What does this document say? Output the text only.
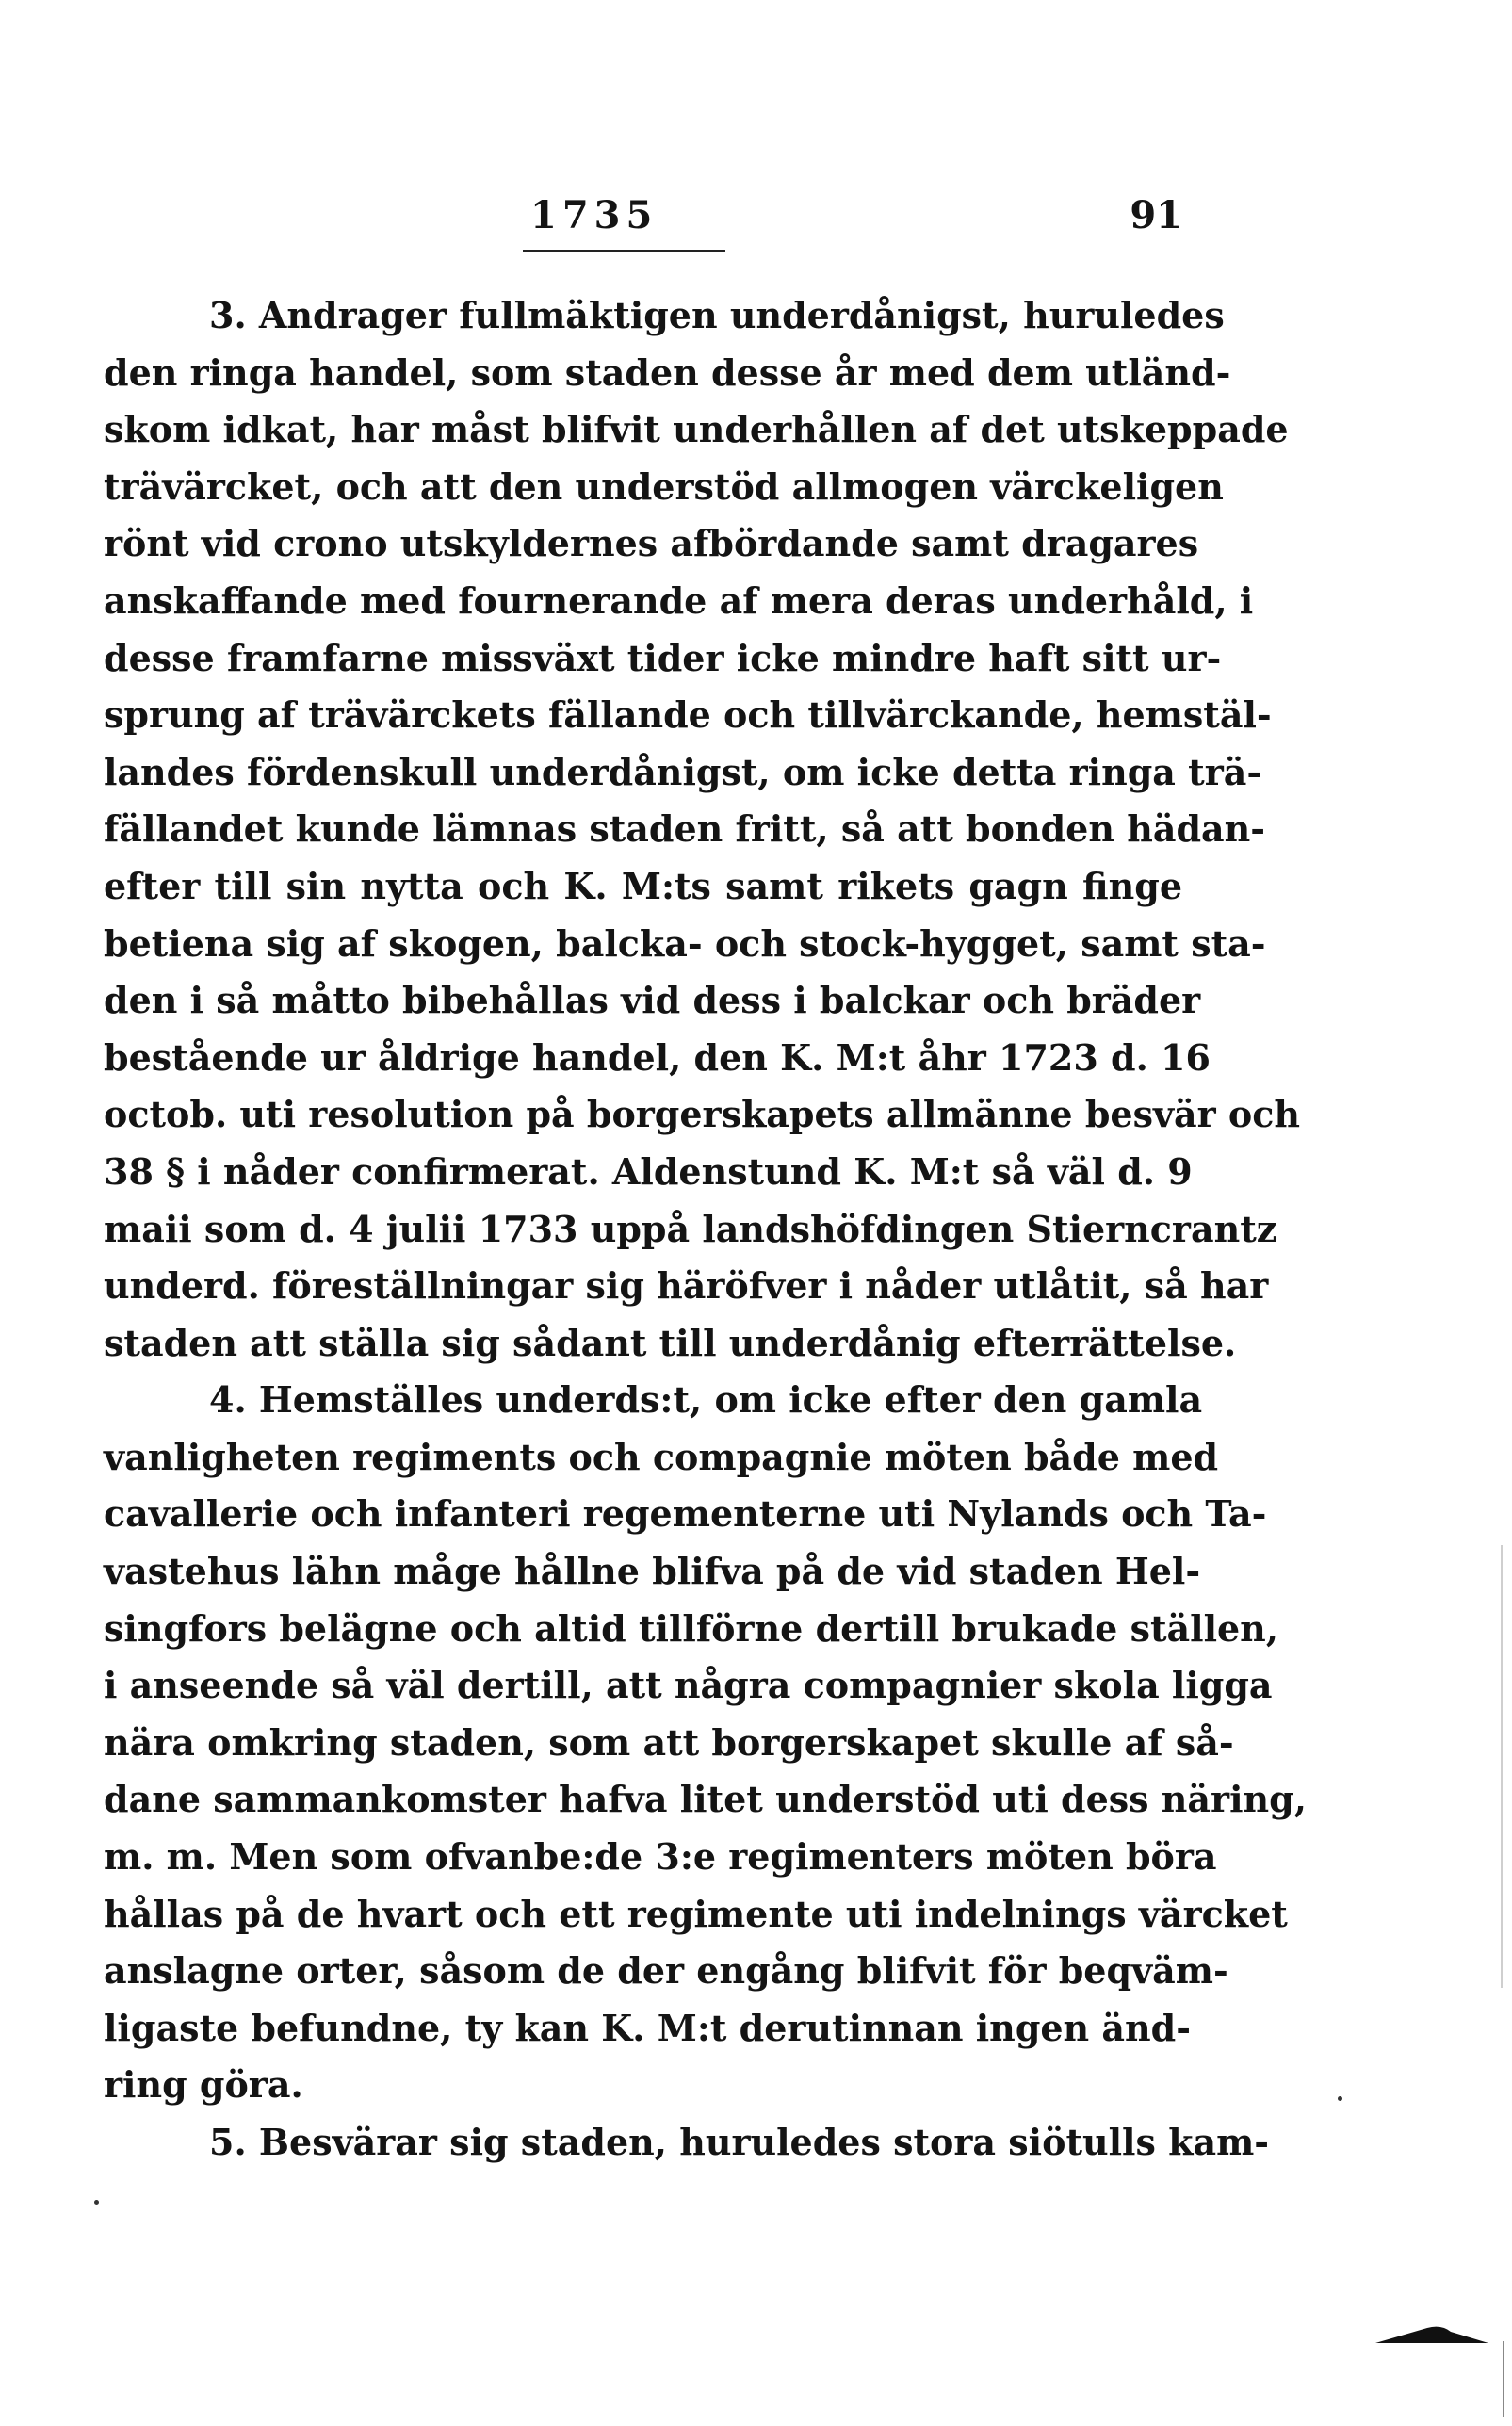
1735	91
3. Andrager fullmäktigen underdånigst, huruledes
den ringa handel, som staden desse år med dem utländ-
skom idkat, har måst blifvit underhållen af det utskeppade
trävärcket, och att den understöd allmogen värckeligen
rönt vid crono utskyldernes afbördande samt dragares
anskaffande med fournerande af mera deras underhåld, i
desse framfarne missväxt tider icke mindre haft sitt ur-
sprung af trävärckets fällande och tillvärckande, hemstäl-
landes fördenskull underdånigst, om icke detta ringa trä-
fällandet kunde lämnas staden fritt, så att bonden hädan-
efter till sin nytta och K. M:ts samt rikets gagn finge
betiena sig af skogen, balcka- och stock-hygget, samt sta-
den i så måtto bibehållas vid dess i balckar och bräder
bestående ur åldrige handel, den K. M:t åhr 1723 d. 16
octob. uti resolution på borgerskapets allmänne besvär och
38 § i nåder confirmerat. Aldenstund K. M:t så väl d. 9
maii som d. 4 julii 1733 uppå landshöfdingen Stierncrantz
underd. föreställningar sig häröfver i nåder utlåtit, så har
staden att ställa sig sådant till underdånig efterrättelse.
4. Hemställes underds:t, om icke efter den gamla
vanligheten regiments och compagnie möten både med
cavallerie och infanteri regementerne uti Nylands och Ta-
vastehus lähn måge hållne blifva på de vid staden Hel-
singfors belägne och altid tillförne dertill brukade ställen,
i anseende så väl dertill, att några compagnier skola ligga
nära omkring staden, som att borgerskapet skulle af så-
dane sammankomster hafva litet understöd uti dess näring,
m. m. Men som ofvanbe:de 3:e regimenters möten böra
hållas på de hvart och ett regimente uti indelnings värcket
anslagne orter, såsom de der engång blifvit för beqväm-
ligaste befundne, ty kan K. M:t derutinnan ingen änd-
ring göra.
5. Besvärar sig staden, huruledes stora siötulls kam-
